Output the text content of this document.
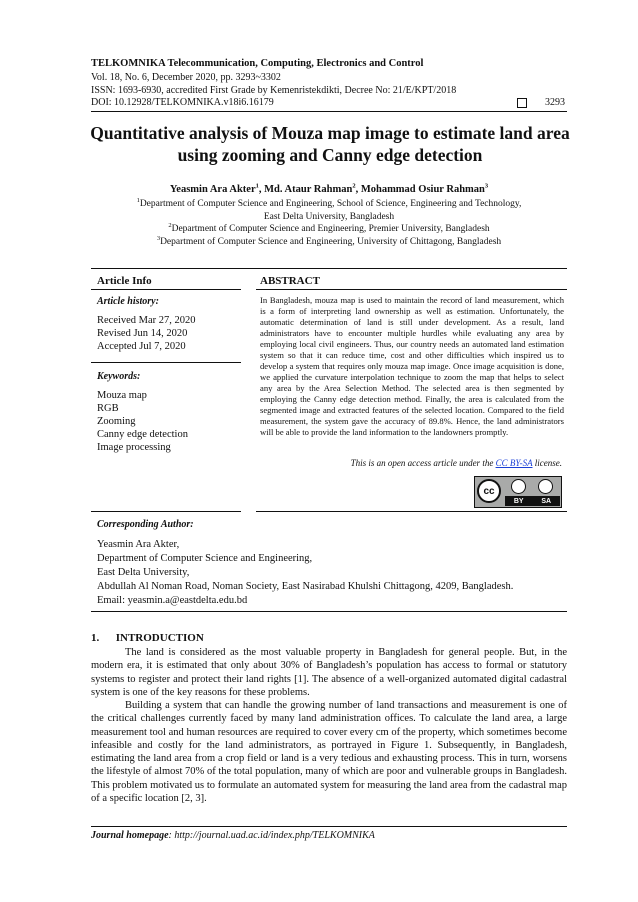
TELKOMNIKA Telecommunication, Computing, Electronics and Control
Vol. 18, No. 6, December 2020, pp. 3293~3302
ISSN: 1693-6930, accredited First Grade by Kemenristekdikti, Decree No: 21/E/KPT/2018
DOI: 10.12928/TELKOMNIKA.v18i6.16179	3293
Quantitative analysis of Mouza map image to estimate land area
using zooming and Canny edge detection
Yeasmin Ara Akter$^1$, Md. Ataur Rahman$^2$, Mohammad Osiur Rahman$^3$
$^1$Department of Computer Science and Engineering, School of Science, Engineering and Technology,
East Delta University, Bangladesh
$^2$Department of Computer Science and Engineering, Premier University, Bangladesh
$^3$Department of Computer Science and Engineering, University of Chittagong, Bangladesh
Article Info	ABSTRACT
Article history:
Received Mar 27, 2020
Revised Jun 14, 2020
Accepted Jul 7, 2020
Keywords:
Mouza map
RGB
Zooming
Canny edge detection
Image processing
In Bangladesh, mouza map is used to maintain the record of land measurement, which is a form of interpreting land ownership as well as estimation. Unfortunately, the automatic determination of land is still under development. As a result, land administrators have to encounter multiple hurdles while evaluating any area by employing local civil engineers. Thus, our country needs an automated land estimation system so that it can reduce time, cost and other difficulties which inspired us to develop a system that requires only mouza map image. Once image acquisition is done, we applied the curvature interpolation technique to zoom the map that helps to select any area by the Area Selection Method. The selected area is then segmented by employing the Canny edge detection method. Finally, the area is calculated from the segmented image and extracted features of the selected location. Compared to the field measurement, the system gave the accuracy of 89.8%. Hence, the land administrators will be able to provide the land information to the landowners promptly.
This is an open access article under the CC BY-SA license.
cc
BY	SA
Corresponding Author:
Yeasmin Ara Akter,
Department of Computer Science and Engineering,
East Delta University,
Abdullah Al Noman Road, Noman Society, East Nasirabad Khulshi Chittagong, 4209, Bangladesh.
Email: yeasmin.a@eastdelta.edu.bd
1.      INTRODUCTION
The land is considered as the most valuable property in Bangladesh for general people. But, in the modern era, it is estimated that only about 30% of Bangladesh’s population has access to formal or statutory systems to register and protect their land rights [1]. The absence of a well-organized automated digital cadastral system is one of the key reasons for these problems.
Building a system that can handle the growing number of land transactions and measurement is one of the critical challenges currently faced by many land administration offices. To calculate the land area, a large measurement tool and human resources are required to cover every cm of the property, which sometimes become infeasible and costly for the land administrators, as portrayed in Figure 1. Subsequently, in Bangladesh, estimating the land area from a crop field or land is a very tedious and exhausting process. This in turn, worsens the lifestyle of almost 70% of the total population, many of which are poor and vulnerable groups in Bangladesh. This problem motivated us to formulate an automated system for measuring the land area from the cadastral map of a specific location [2, 3].
Journal homepage: http://journal.uad.ac.id/index.php/TELKOMNIKA
